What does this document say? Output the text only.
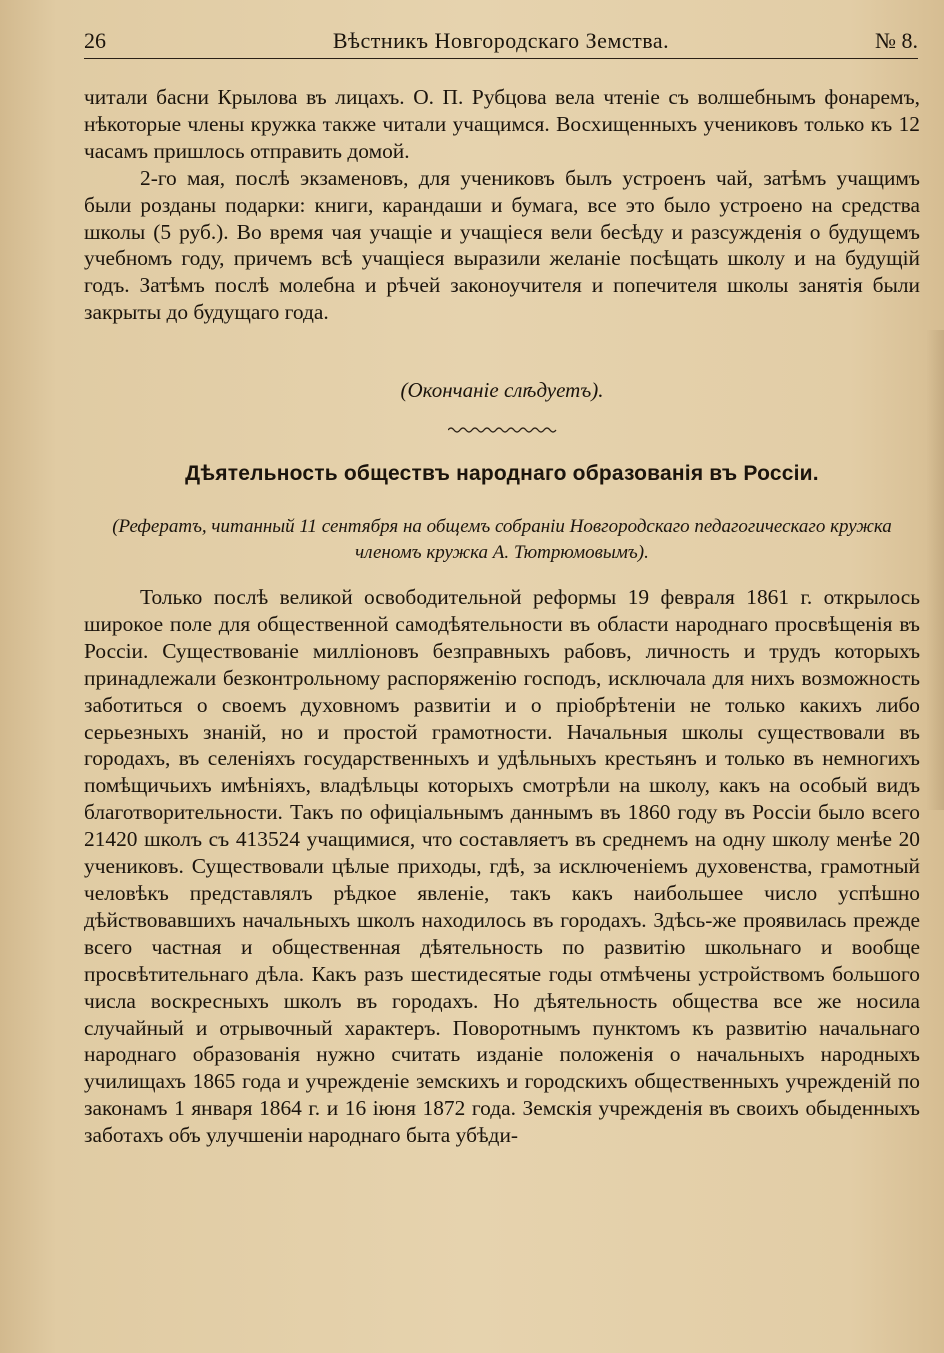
26	Вѣстникъ Новгородскаго Земства.	№ 8.

читали басни Крылова въ лицахъ. О. П. Рубцова вела чтеніе съ волшебнымъ фонаремъ, нѣкоторые члены кружка также читали учащимся. Восхищенныхъ учениковъ только къ 12 часамъ пришлось отправить домой.

2-го мая, послѣ экзаменовъ, для учениковъ былъ устроенъ чай, затѣмъ учащимъ были розданы подарки: книги, карандаши и бумага, все это было устроено на средства школы (5 руб.). Во время чая учащіе и учащіеся вели бесѣду и разсужденія о будущемъ учебномъ году, причемъ всѣ учащіеся выразили желаніе посѣщать школу и на будущій годъ. Затѣмъ послѣ молебна и рѣчей законоучителя и попечителя школы занятія были закрыты до будущаго года.

(Окончаніе слѣдуетъ).
Дѣятельность обществъ народнаго образованія въ Россіи.
(Рефератъ, читанный 11 сентября на общемъ собраніи Новгородскаго педагогическаго кружка членомъ кружка А. Тютрюмовымъ).

Только послѣ великой освободительной реформы 19 февраля 1861 г. открылось широкое поле для общественной самодѣятельности въ области народнаго просвѣщенія въ Россіи. Существованіе милліоновъ безправныхъ рабовъ, личность и трудъ которыхъ принадлежали безконтрольному распоряженію господъ, исключала для нихъ возможность заботиться о своемъ духовномъ развитіи и о пріобрѣтеніи не только какихъ либо серьезныхъ знаній, но и простой грамотности. Начальныя школы существовали въ городахъ, въ селеніяхъ государственныхъ и удѣльныхъ крестьянъ и только въ немногихъ помѣщичьихъ имѣніяхъ, владѣльцы которыхъ смотрѣли на школу, какъ на особый видъ благотворительности. Такъ по офиціальнымъ даннымъ въ 1860 году въ Россіи было всего 21420 школъ съ 413524 учащимися, что составляетъ въ среднемъ на одну школу менѣе 20 учениковъ. Существовали цѣлые приходы, гдѣ, за исключеніемъ духовенства, грамотный человѣкъ представлялъ рѣдкое явленіе, такъ какъ наибольшее число успѣшно дѣйствовавшихъ начальныхъ школъ находилось въ городахъ. Здѣсь-же проявилась прежде всего частная и общественная дѣятельность по развитію школьнаго и вообще просвѣтительнаго дѣла. Какъ разъ шестидесятые годы отмѣчены устройствомъ большого числа воскресныхъ школъ въ городахъ. Но дѣятельность общества все же носила случайный и отрывочный характеръ. Поворотнымъ пунктомъ къ развитію начальнаго народнаго образованія нужно считать изданіе положенія о начальныхъ народныхъ училищахъ 1865 года и учрежденіе земскихъ и городскихъ общественныхъ учрежденій по законамъ 1 января 1864 г. и 16 іюня 1872 года. Земскія учрежденія въ своихъ обыденныхъ заботахъ объ улучшеніи народнаго быта убѣди-
